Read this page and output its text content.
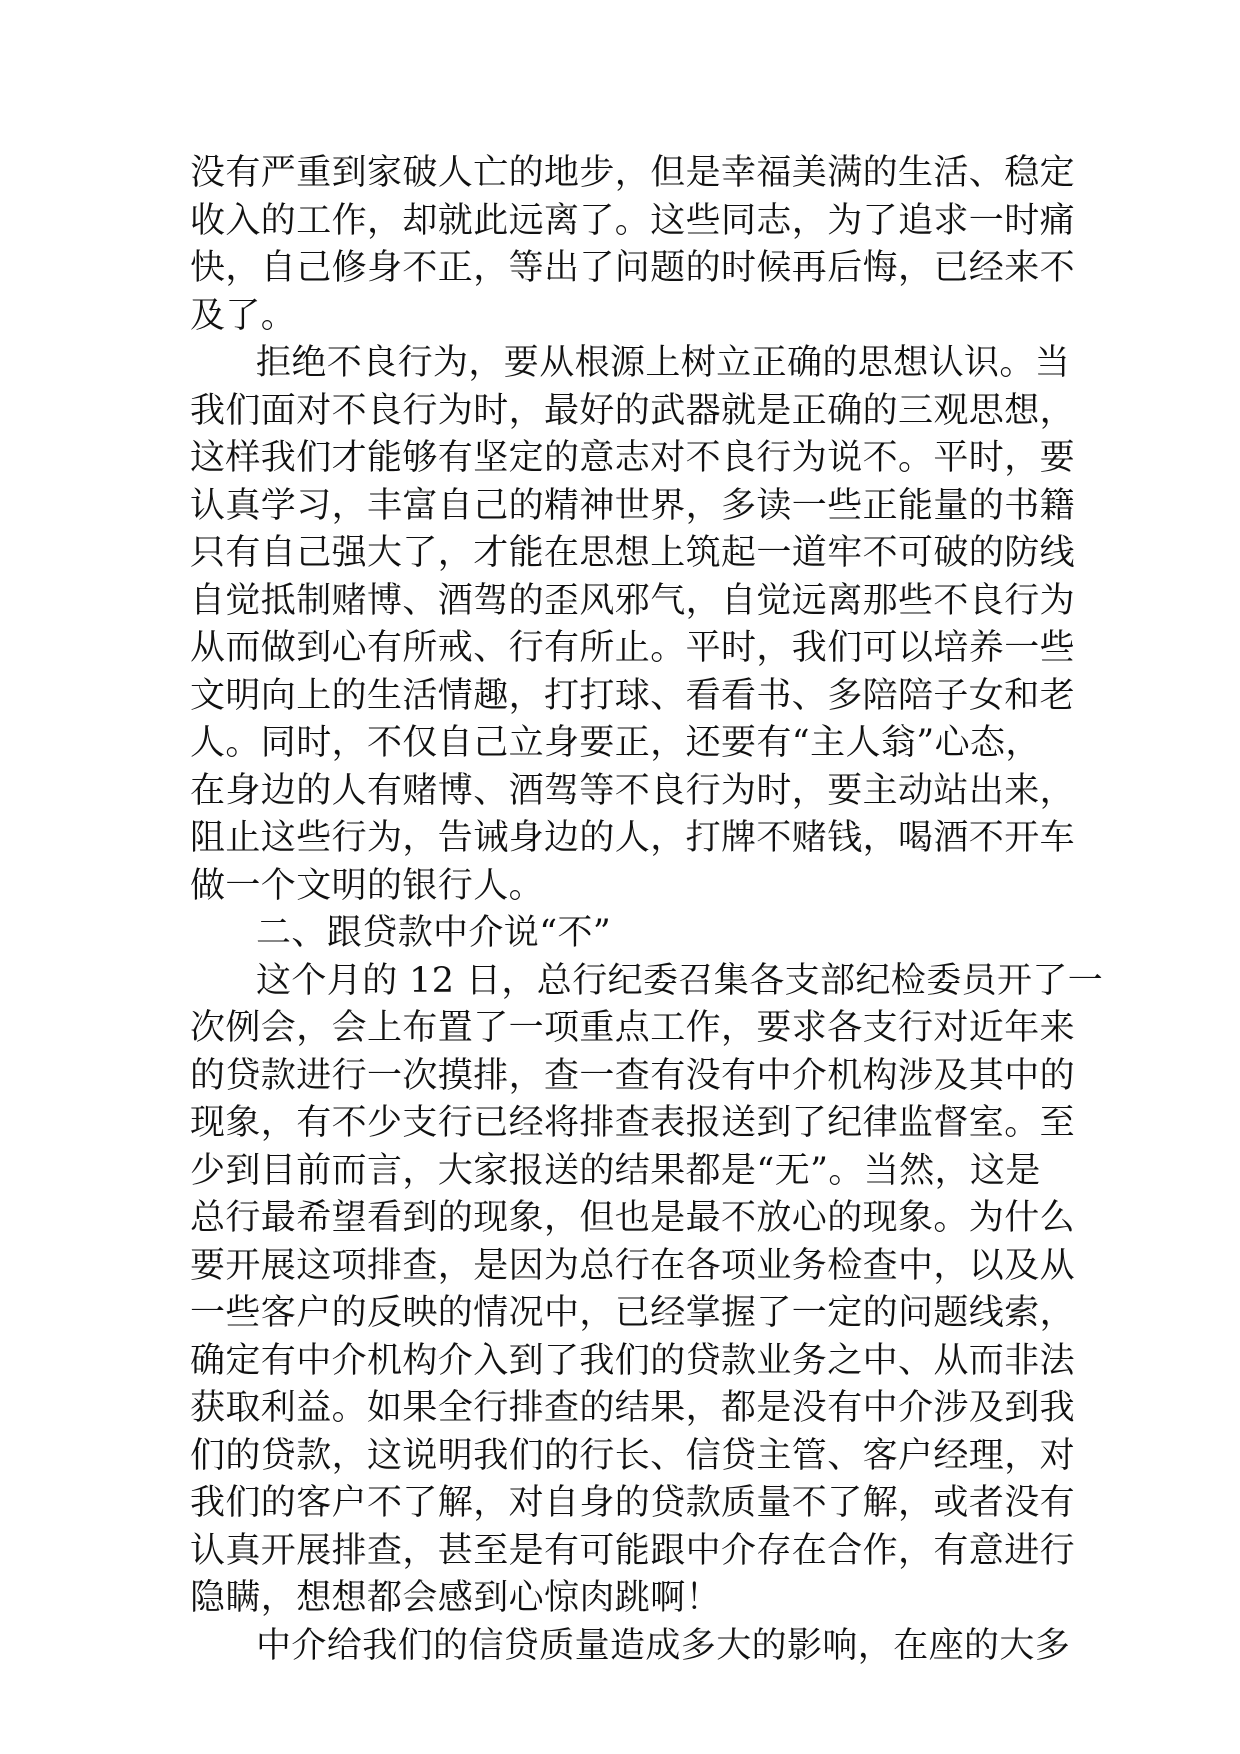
没有严重到家破人亡的地步，但是幸福美满的生活、稳定
收入的工作，却就此远离了。这些同志，为了追求一时痛
快，自己修身不正，等出了问题的时候再后悔，已经来不
及了。
拒绝不良行为，要从根源上树立正确的思想认识。当
我们面对不良行为时，最好的武器就是正确的三观思想，
这样我们才能够有坚定的意志对不良行为说不。平时，要
认真学习，丰富自己的精神世界，多读一些正能量的书籍
只有自己强大了，才能在思想上筑起一道牢不可破的防线
自觉抵制赌博、酒驾的歪风邪气，自觉远离那些不良行为
从而做到心有所戒、行有所止。平时，我们可以培养一些
文明向上的生活情趣，打打球、看看书、多陪陪子女和老
人。同时，不仅自己立身要正，还要有“主人翁”心态，
在身边的人有赌博、酒驾等不良行为时，要主动站出来，
阻止这些行为，告诫身边的人，打牌不赌钱，喝酒不开车
做一个文明的银行人。
二、跟贷款中介说“不”
这个月的 12 日，总行纪委召集各支部纪检委员开了一
次例会，会上布置了一项重点工作，要求各支行对近年来
的贷款进行一次摸排，查一查有没有中介机构涉及其中的
现象，有不少支行已经将排查表报送到了纪律监督室。至
少到目前而言，大家报送的结果都是“无”。当然，这是
总行最希望看到的现象，但也是最不放心的现象。为什么
要开展这项排查，是因为总行在各项业务检查中，以及从
一些客户的反映的情况中，已经掌握了一定的问题线索，
确定有中介机构介入到了我们的贷款业务之中、从而非法
获取利益。如果全行排查的结果，都是没有中介涉及到我
们的贷款，这说明我们的行长、信贷主管、客户经理，对
我们的客户不了解，对自身的贷款质量不了解，或者没有
认真开展排查，甚至是有可能跟中介存在合作，有意进行
隐瞒，想想都会感到心惊肉跳啊！
中介给我们的信贷质量造成多大的影响，在座的大多
